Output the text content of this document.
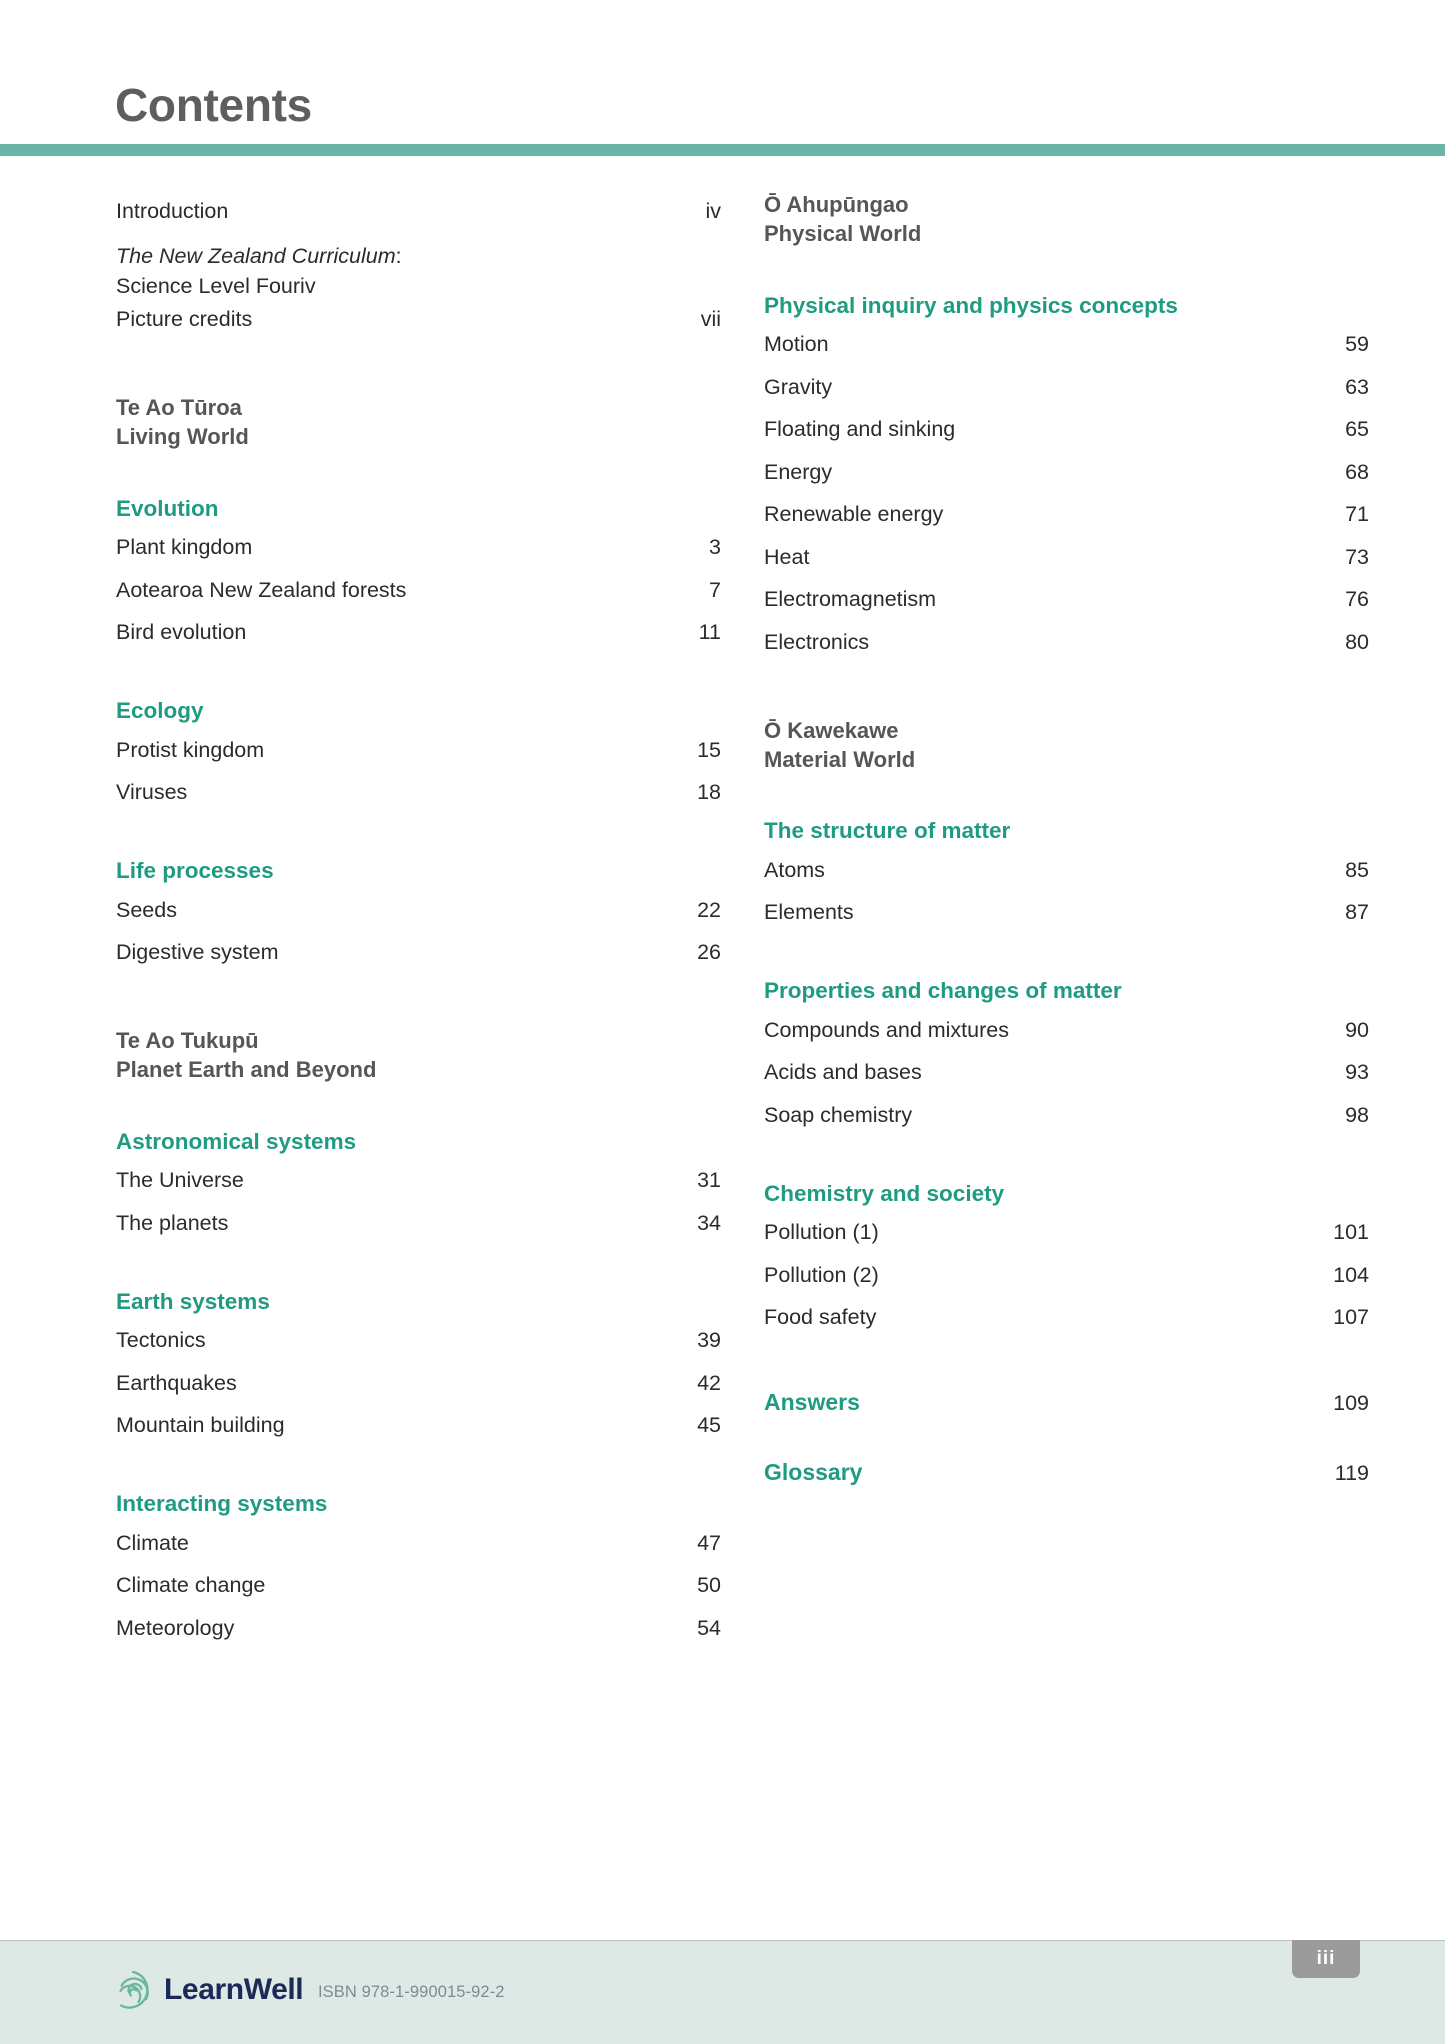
Contents
Introduction	iv
The New Zealand Curriculum:
Science Level Four iv
Picture credits	vii
Te Ao Tūroa
Living World
Evolution
Plant kingdom	3
Aotearoa New Zealand forests	7
Bird evolution	11
Ecology
Protist kingdom	15
Viruses	18
Life processes
Seeds	22
Digestive system	26
Te Ao Tukupū
Planet Earth and Beyond
Astronomical systems
The Universe	31
The planets	34
Earth systems
Tectonics	39
Earthquakes	42
Mountain building	45
Interacting systems
Climate	47
Climate change	50
Meteorology	54
Ō Ahupūngao
Physical World
Physical inquiry and physics concepts
Motion	59
Gravity	63
Floating and sinking	65
Energy	68
Renewable energy	71
Heat	73
Electromagnetism	76
Electronics	80
Ō Kawekawe
Material World
The structure of matter
Atoms	85
Elements	87
Properties and changes of matter
Compounds and mixtures	90
Acids and bases	93
Soap chemistry	98
Chemistry and society
Pollution (1)	101
Pollution (2)	104
Food safety	107
Answers	109
Glossary	119
LearnWell ISBN 978-1-990015-92-2
iii
